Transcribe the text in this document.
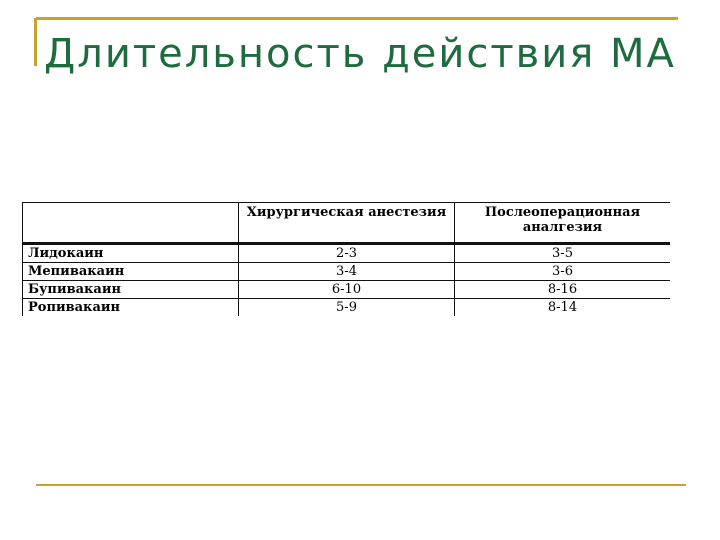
Длительность действия МА
	Хирургическая анестезия	Послеоперационная аналгезия
Лидокаин	2-3	3-5
Мепивакаин	3-4	3-6
Бупивакаин	6-10	8-16
Ропивакаин	5-9	8-14
